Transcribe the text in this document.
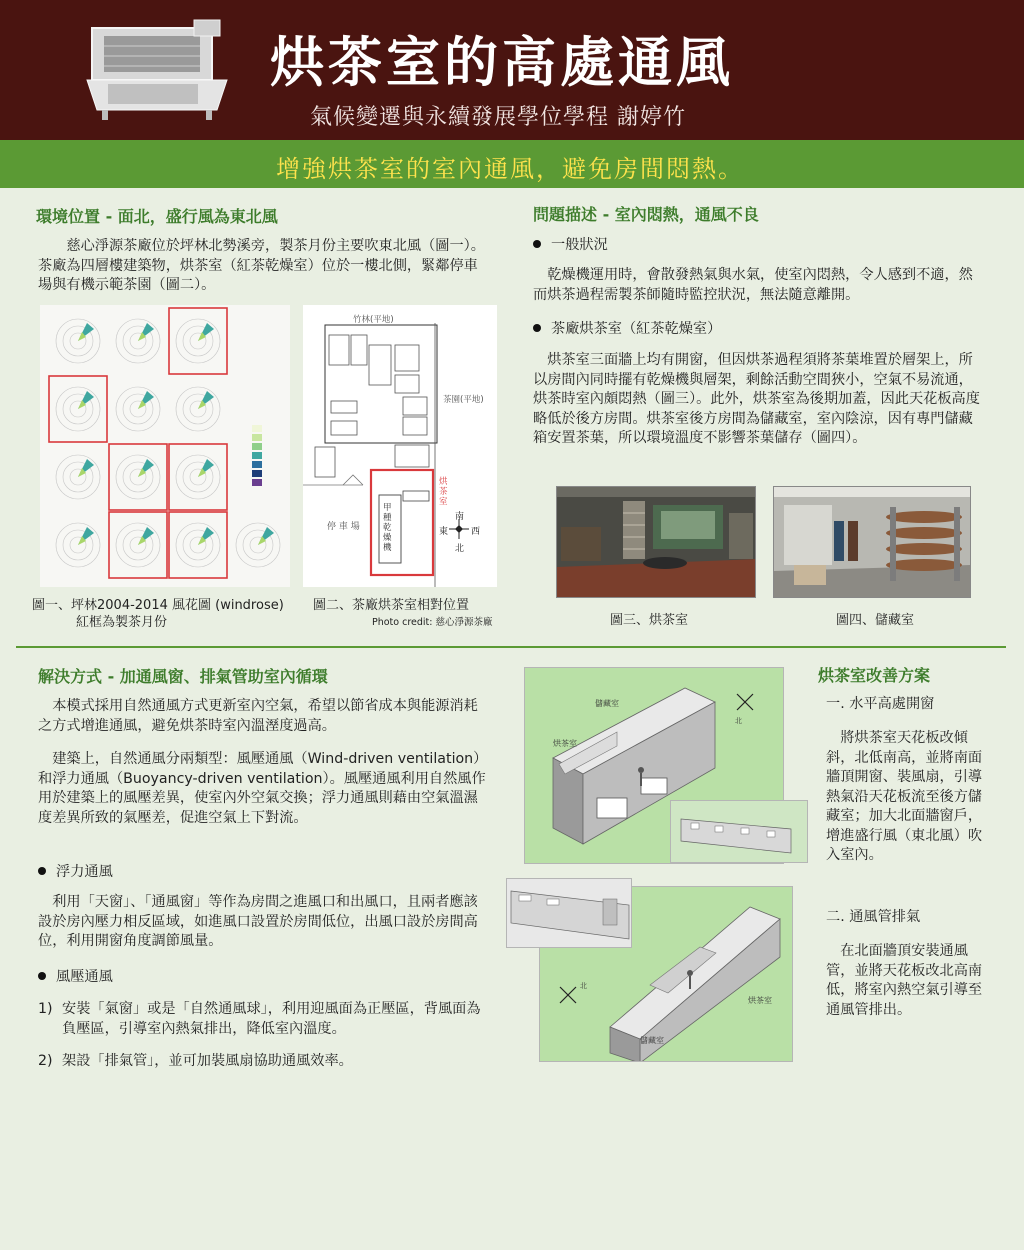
烘茶室的高處通風
氣候變遷與永續發展學位學程 謝婷竹
增強烘茶室的室內通風，避免房間悶熱。
環境位置 - 面北，盛行風為東北風
慈心淨源茶廠位於坪林北勢溪旁，製茶月份主要吹東北風（圖一）。茶廠為四層樓建築物，烘茶室（紅茶乾燥室）位於一樓北側，緊鄰停車場與有機示範茶園（圖二）。
圖一、坪林2004-2014 風花圖 (windrose)
紅框為製茶月份
竹林(平地)
茶園(平地)
停 車 場
甲種乾燥機
烘茶室
南
北
東	西
圖二、茶廠烘茶室相對位置
Photo credit: 慈心淨源茶廠
問題描述 - 室內悶熱，通風不良
一般狀況
乾燥機運用時，會散發熱氣與水氣，使室內悶熱，令人感到不適，然而烘茶過程需製茶師隨時監控狀況，無法隨意離開。
茶廠烘茶室（紅茶乾燥室）
烘茶室三面牆上均有開窗，但因烘茶過程須將茶葉堆置於層架上，所以房間內同時擺有乾燥機與層架，剩餘活動空間狹小，空氣不易流通，烘茶時室內頗悶熱（圖三）。此外，烘茶室為後期加蓋，因此天花板高度略低於後方房間。烘茶室後方房間為儲藏室，室內陰涼，因有專門儲藏箱安置茶葉，所以環境溫度不影響茶葉儲存（圖四）。
圖三、烘茶室	圖四、儲藏室
解決方式 - 加通風窗、排氣管助室內循環
本模式採用自然通風方式更新室內空氣，希望以節省成本與能源消耗之方式增進通風，避免烘茶時室內溫溼度過高。
建築上，自然通風分兩類型：風壓通風（Wind-driven ventilation）和浮力通風（Buoyancy-driven ventilation）。風壓通風利用自然風作用於建築上的風壓差異，使室內外空氣交換；浮力通風則藉由空氣溫濕度差異所致的氣壓差，促進空氣上下對流。
浮力通風
利用「天窗」、「通風窗」等作為房間之進風口和出風口，且兩者應該設於房內壓力相反區域，如進風口設置於房間低位，出風口設於房間高位，利用開窗角度調節風量。
風壓通風
1) 安裝「氣窗」或是「自然通風球」，利用迎風面為正壓區，背風面為負壓區，引導室內熱氣排出，降低室內溫度。
2) 架設「排氣管」，並可加裝風扇協助通風效率。
儲藏室
烘茶室
北
儲藏室
烘茶室
北
烘茶室改善方案
一. 水平高處開窗
將烘茶室天花板改傾斜，北低南高，並將南面牆頂開窗、裝風扇，引導熱氣沿天花板流至後方儲藏室；加大北面牆窗戶，增進盛行風（東北風）吹入室內。
二. 通風管排氣
在北面牆頂安裝通風管，並將天花板改北高南低，將室內熱空氣引導至通風管排出。
